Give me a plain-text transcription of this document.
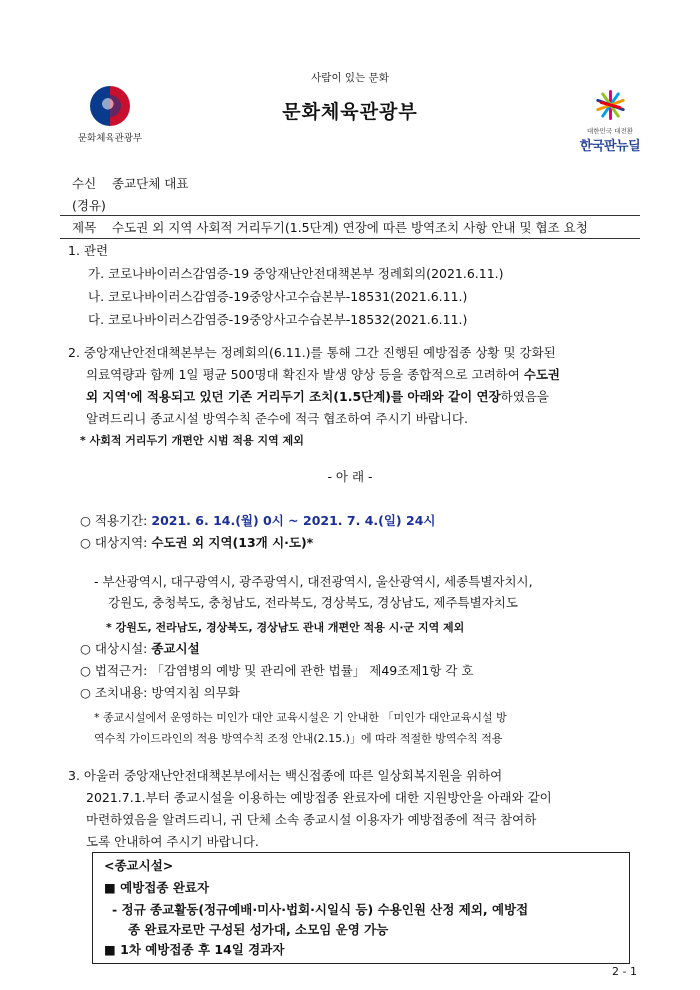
사람이 있는 문화
문화체육관광부
문화체육관광부
대한민국 대전환
한국판뉴딜
수신 종교단체 대표
(경유)
제목 수도권 외 지역 사회적 거리두기(1.5단계) 연장에 따른 방역조치 사항 안내 및 협조 요청
1. 관련
가. 코로나바이러스감염증-19 중앙재난안전대책본부 정례회의(2021.6.11.)
나. 코로나바이러스감염증-19중앙사고수습본부-18531(2021.6.11.)
다. 코로나바이러스감염증-19중앙사고수습본부-18532(2021.6.11.)
2. 중앙재난안전대책본부는 정례회의(6.11.)를 통해 그간 진행된 예방접종 상황 및 강화된
의료역량과 함께 1일 평균 500명대 확진자 발생 양상 등을 종합적으로 고려하여 수도권
외 지역'에 적용되고 있던 기존 거리두기 조치(1.5단계)를 아래와 같이 연장하였음을
알려드리니 종교시설 방역수칙 준수에 적극 협조하여 주시기 바랍니다.
* 사회적 거리두기 개편안 시범 적용 지역 제외
- 아 래 -
○ 적용기간: 2021. 6. 14.(월) 0시 ~ 2021. 7. 4.(일) 24시
○ 대상지역: 수도권 외 지역(13개 시·도)*
- 부산광역시, 대구광역시, 광주광역시, 대전광역시, 울산광역시, 세종특별자치시,
강원도, 충청북도, 충청남도, 전라북도, 경상북도, 경상남도, 제주특별자치도
* 강원도, 전라남도, 경상북도, 경상남도 관내 개편안 적용 시·군 지역 제외
○ 대상시설: 종교시설
○ 법적근거: 「감염병의 예방 및 관리에 관한 법률」 제49조제1항 각 호
○ 조치내용: 방역지침 의무화
* 종교시설에서 운영하는 미인가 대안 교육시설은 기 안내한 「미인가 대안교육시설 방
역수칙 가이드라인의 적용 방역수칙 조정 안내(2.15.)」에 따라 적절한 방역수칙 적용
3. 아울러 중앙재난안전대책본부에서는 백신접종에 따른 일상회복지원을 위하여
2021.7.1.부터 종교시설을 이용하는 예방접종 완료자에 대한 지원방안을 아래와 같이
마련하였음을 알려드리니, 귀 단체 소속 종교시설 이용자가 예방접종에 적극 참여하
도록 안내하여 주시기 바랍니다.
<종교시설>
■ 예방접종 완료자
- 정규 종교활동(정규예배·미사·법회·시일식 등) 수용인원 산정 제외, 예방접
종 완료자로만 구성된 성가대, 소모임 운영 가능
■ 1차 예방접종 후 14일 경과자
2 - 1
